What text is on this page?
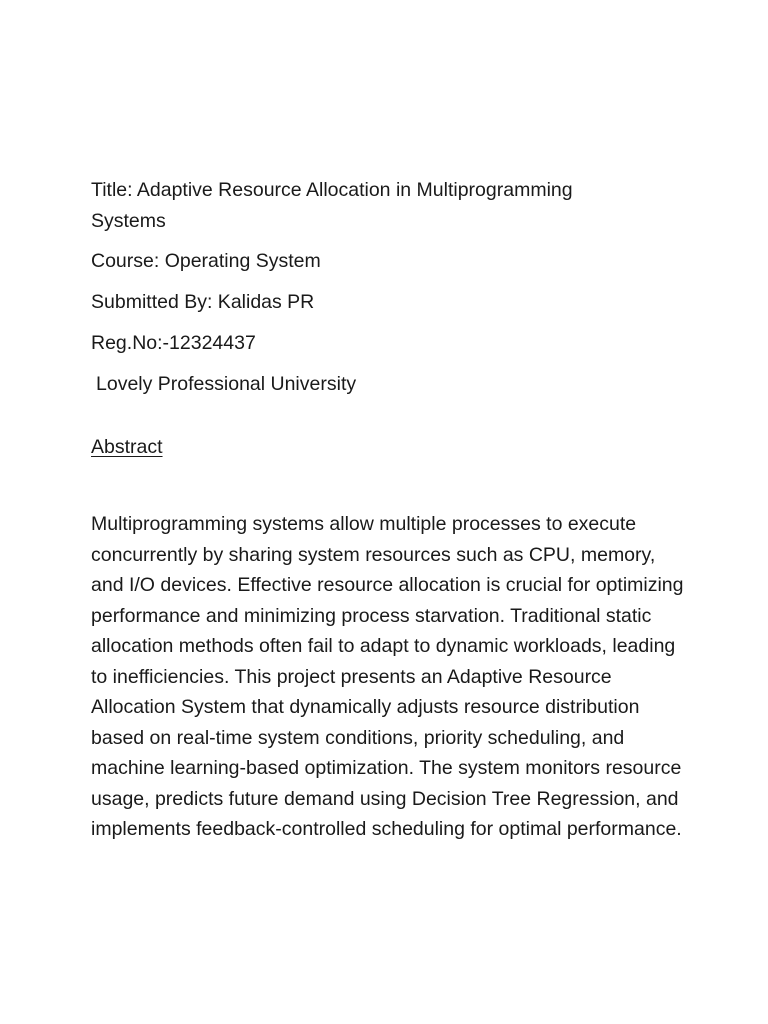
Title: Adaptive Resource Allocation in Multiprogramming Systems

Course: Operating System

Submitted By: Kalidas PR

Reg.No:-12324437

Lovely Professional University

Abstract

Multiprogramming systems allow multiple processes to execute concurrently by sharing system resources such as CPU, memory, and I/O devices. Effective resource allocation is crucial for optimizing performance and minimizing process starvation. Traditional static allocation methods often fail to adapt to dynamic workloads, leading to inefficiencies. This project presents an Adaptive Resource Allocation System that dynamically adjusts resource distribution based on real-time system conditions, priority scheduling, and machine learning-based optimization. The system monitors resource usage, predicts future demand using Decision Tree Regression, and implements feedback-controlled scheduling for optimal performance.
